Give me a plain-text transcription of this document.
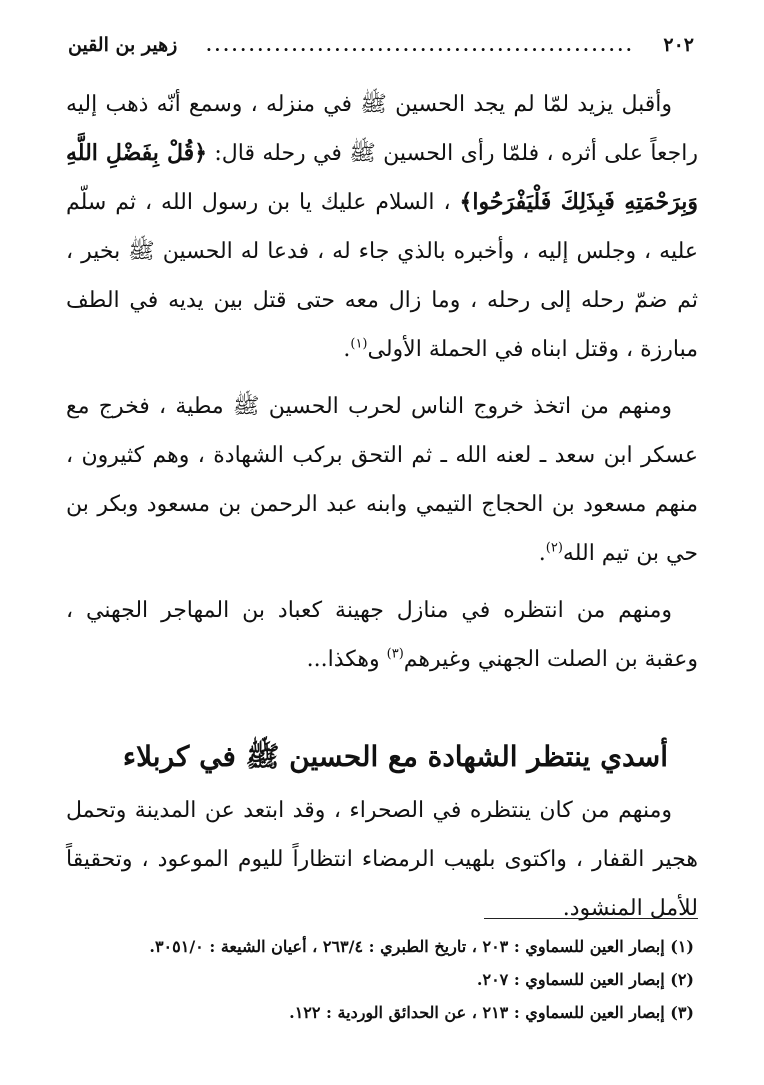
٢٠٢
..................................................
زهير بن القين

وأقبل يزيد لمّا لم يجد الحسين ﷺ في منزله ، وسمع أنّه ذهب إليه راجعاً على أثره ، فلمّا رأى الحسين ﷺ في رحله قال: ﴿قُلْ بِفَضْلِ اللَّهِ وَبِرَحْمَتِهِ فَبِذَلِكَ فَلْيَفْرَحُوا﴾ ، السلام عليك يا بن رسول الله ، ثم سلّم عليه ، وجلس إليه ، وأخبره بالذي جاء له ، فدعا له الحسين ﷺ بخير ، ثم ضمّ رحله إلى رحله ، وما زال معه حتى قتل بين يديه في الطف مبارزة ، وقتل ابناه في الحملة الأولى$^{(١)}$.

ومنهم من اتخذ خروج الناس لحرب الحسين ﷺ مطية ، فخرج مع عسكر ابن سعد ـ لعنه الله ـ ثم التحق بركب الشهادة ، وهم كثيرون ، منهم مسعود بن الحجاج التيمي وابنه عبد الرحمن بن مسعود وبكر بن حي بن تيم الله$^{(٢)}$.

ومنهم من انتظره في منازل جهينة كعباد بن المهاجر الجهني ، وعقبة بن الصلت الجهني وغيرهم$^{(٣)}$ وهكذا...

أسدي ينتظر الشهادة مع الحسين ﷺ في كربلاء

ومنهم من كان ينتظره في الصحراء ، وقد ابتعد عن المدينة وتحمل هجير القفار ، واكتوى بلهيب الرمضاء انتظاراً لليوم الموعود ، وتحقيقاً للأمل المنشود.

(١) إبصار العين للسماوي : ٢٠٣ ، تاريخ الطبري : ٢٦٣/٤ ، أعيان الشيعة : ٣٠٥١/٠.
(٢) إبصار العين للسماوي : ٢٠٧.
(٣) إبصار العين للسماوي : ٢١٣ ، عن الحدائق الوردية : ١٢٢.
